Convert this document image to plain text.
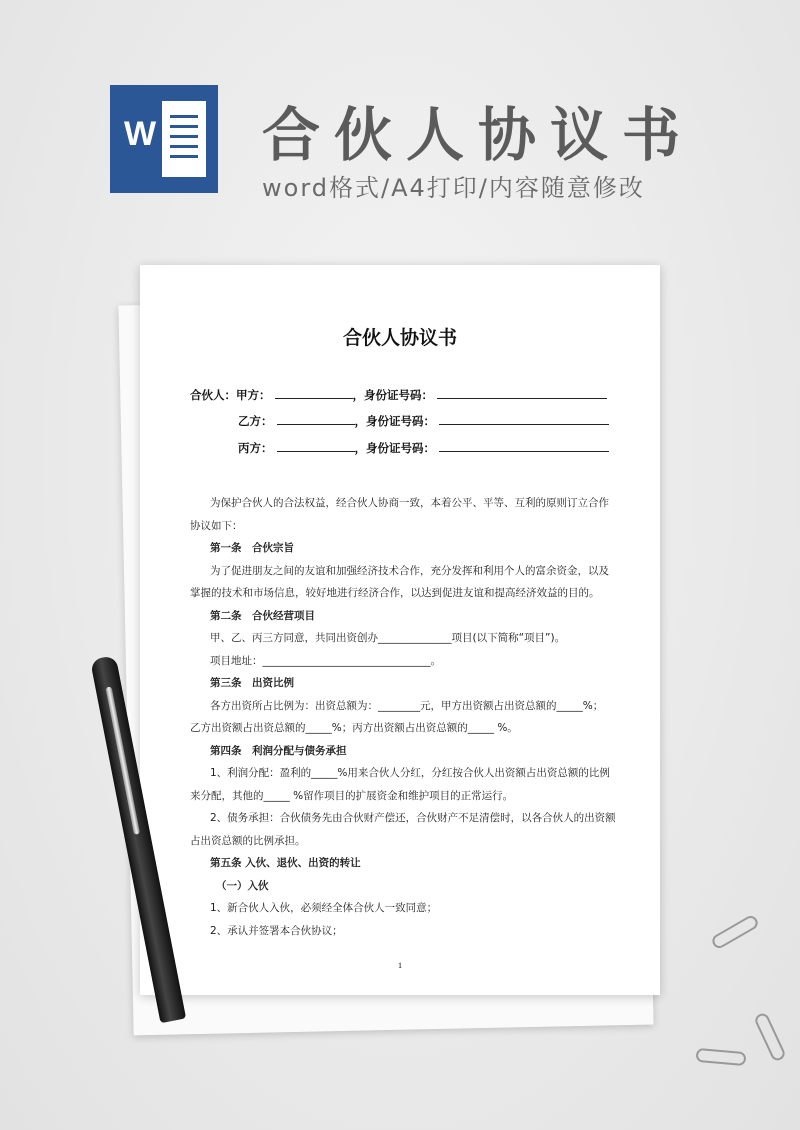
W 合伙人协议书
word格式/A4打印/内容随意修改
合伙人协议书
合伙人：甲方：	，身份证号码：
乙方：	，身份证号码：
丙方：	，身份证号码：
为保护合伙人的合法权益，经合伙人协商一致，本着公平、平等、互利的原则订立合作
协议如下：
第一条　合伙宗旨
为了促进朋友之间的友谊和加强经济技术合作，充分发挥和利用个人的富余资金，以及
掌握的技术和市场信息，较好地进行经济合作，以达到促进友谊和提高经济效益的目的。
第二条　合伙经营项目
甲、乙、丙三方同意，共同出资创办______________项目(以下简称“项目”)。
项目地址：________________________________。
第三条　出资比例
各方出资所占比例为：出资总额为：________元，甲方出资额占出资总额的_____%；
乙方出资额占出资总额的_____%；丙方出资额占出资总额的_____ %。
第四条　利润分配与债务承担
1、利润分配：盈利的_____%用来合伙人分红，分红按合伙人出资额占出资总额的比例
来分配，其他的_____ %留作项目的扩展资金和维护项目的正常运行。
2、债务承担：合伙债务先由合伙财产偿还，合伙财产不足清偿时，以各合伙人的出资额
占出资总额的比例承担。
第五条 入伙、退伙、出资的转让
（一）入伙
1、新合伙人入伙，必须经全体合伙人一致同意；
2、承认并签署本合伙协议；
1
